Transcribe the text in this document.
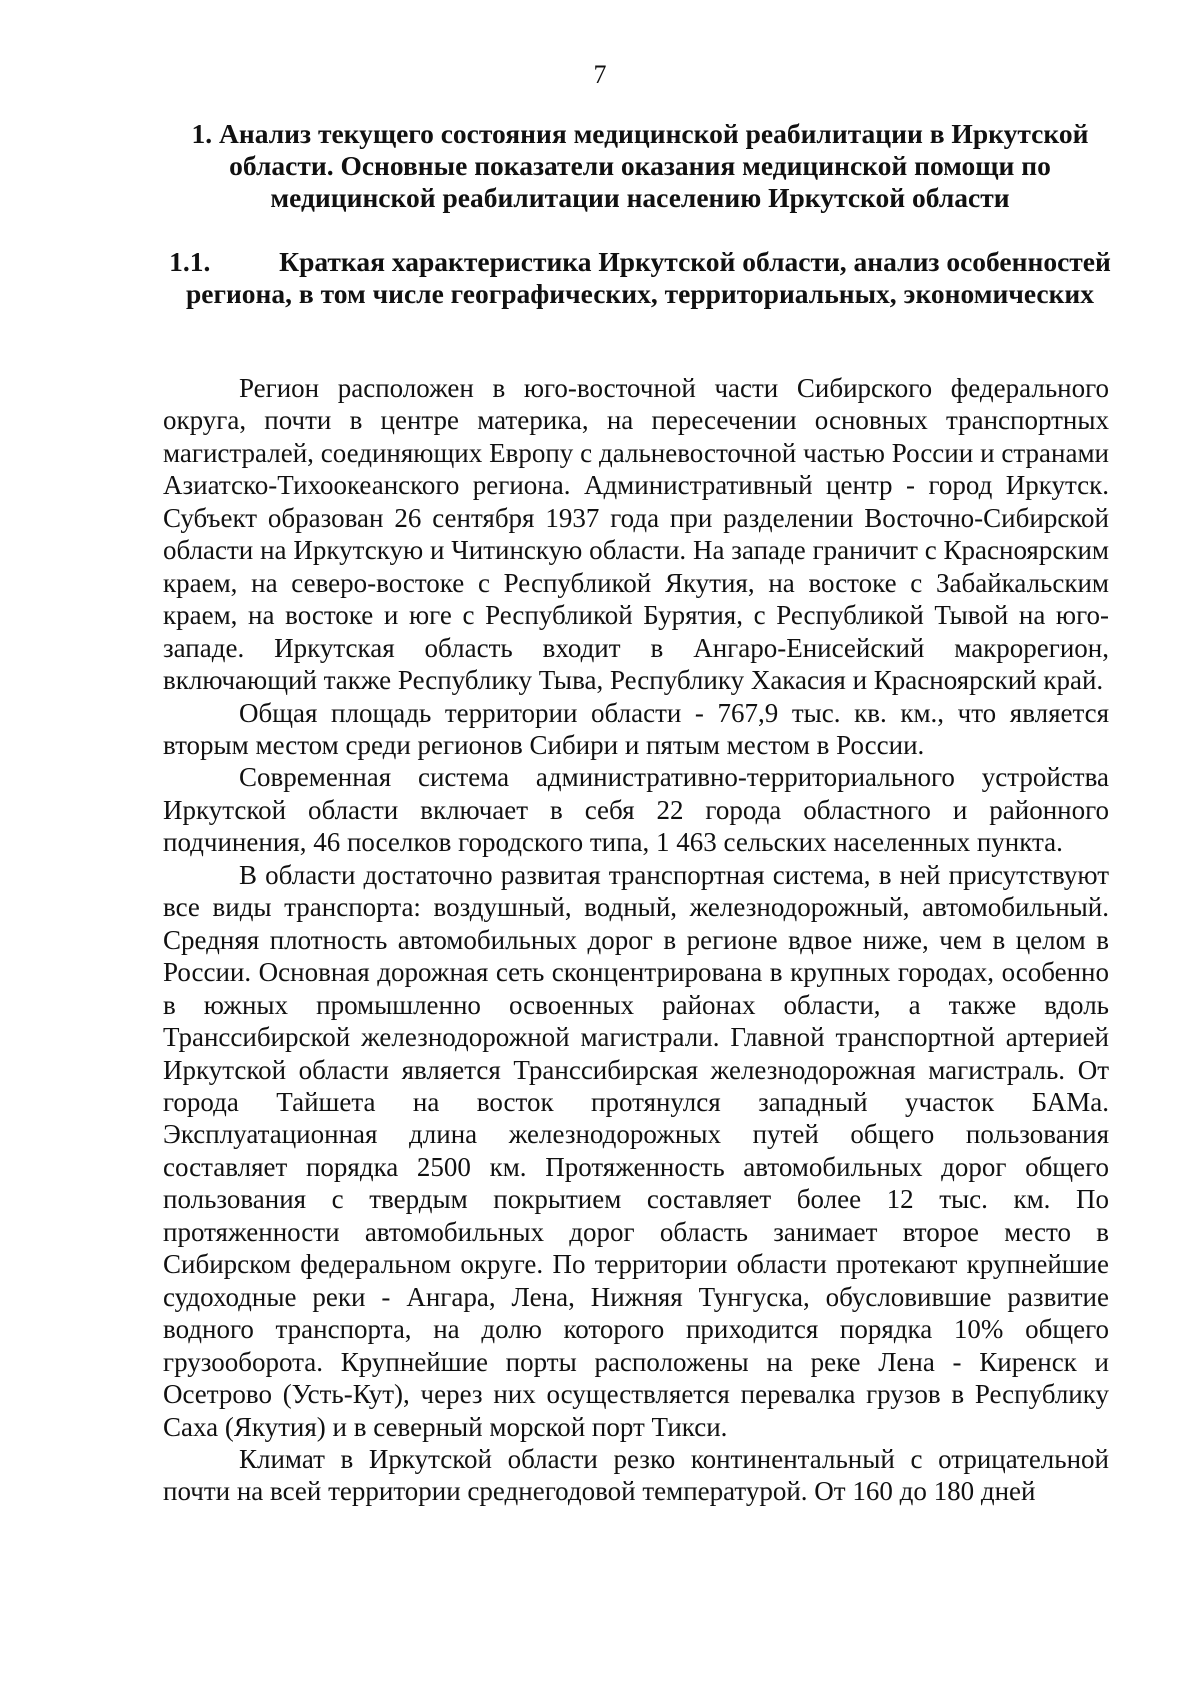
7
1. Анализ текущего состояния медицинской реабилитации в Иркутской области. Основные показатели оказания медицинской помощи по медицинской реабилитации населению Иркутской области
1.1.	Краткая характеристика Иркутской области, анализ особенностей региона, в том числе географических, территориальных, экономических

Регион расположен в юго-восточной части Сибирского федерального округа, почти в центре материка, на пересечении основных транспортных магистралей, соединяющих Европу с дальневосточной частью России и странами Азиатско-Тихоокеанского региона. Административный центр - город Иркутск. Субъект образован 26 сентября 1937 года при разделении Восточно-Сибирской области на Иркутскую и Читинскую области. На западе граничит с Красноярским краем, на северо-востоке с Республикой Якутия, на востоке с Забайкальским краем, на востоке и юге с Республикой Бурятия, с Республикой Тывой на юго-западе. Иркутская область входит в Ангаро-Енисейский макрорегион, включающий также Республику Тыва, Республику Хакасия и Красноярский край.

Общая площадь территории области - 767,9 тыс. кв. км., что является вторым местом среди регионов Сибири и пятым местом в России.

Современная система административно-территориального устройства Иркутской области включает в себя 22 города областного и районного подчинения, 46 поселков городского типа, 1 463 сельских населенных пункта.

В области достаточно развитая транспортная система, в ней присутствуют все виды транспорта: воздушный, водный, железнодорожный, автомобильный. Средняя плотность автомобильных дорог в регионе вдвое ниже, чем в целом в России. Основная дорожная сеть сконцентрирована в крупных городах, особенно в южных промышленно освоенных районах области, а также вдоль Транссибирской железнодорожной магистрали. Главной транспортной артерией Иркутской области является Транссибирская железнодорожная магистраль. От города Тайшета на восток протянулся западный участок БАМа. Эксплуатационная длина железнодорожных путей общего пользования составляет порядка 2500 км. Протяженность автомобильных дорог общего пользования с твердым покрытием составляет более 12 тыс. км. По протяженности автомобильных дорог область занимает второе место в Сибирском федеральном округе. По территории области протекают крупнейшие судоходные реки - Ангара, Лена, Нижняя Тунгуска, обусловившие развитие водного транспорта, на долю которого приходится порядка 10% общего грузооборота. Крупнейшие порты расположены на реке Лена - Киренск и Осетрово (Усть-Кут), через них осуществляется перевалка грузов в Республику Саха (Якутия) и в северный морской порт Тикси.

Климат в Иркутской области резко континентальный с отрицательной почти на всей территории среднегодовой температурой. От 160 до 180 дней
